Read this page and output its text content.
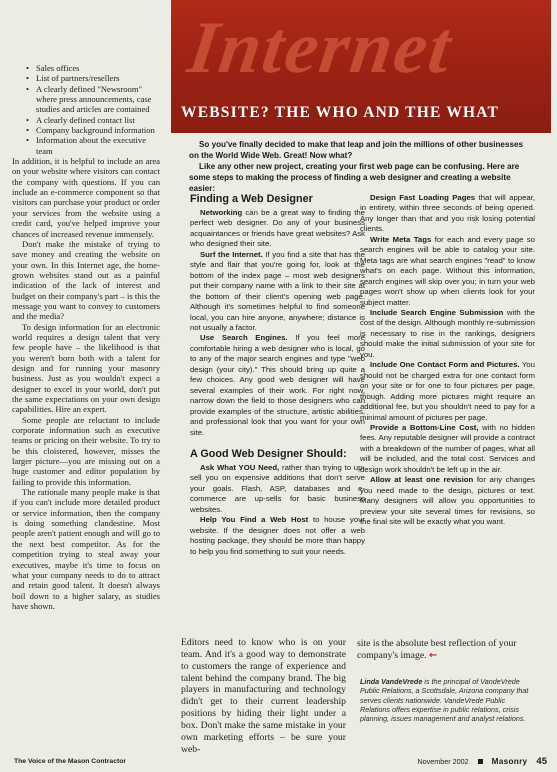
• Sales offices
• List of partners/resellers
• A clearly defined "Newsroom" where press announcements, case studies and articles are contained
• A clearly defined contact list
• Company background information
• Information about the executive team

In addition, it is helpful to include an area on your website where visitors can contact the company with questions. If you can include an e-commerce component so that visitors can purchase your product or order your services from the website using a credit card, you've helped improve your chances of increased revenue immensely.

Don't make the mistake of trying to save money and creating the website on your own. In this Internet age, the home-grown websites stand out as a painful indication of the lack of interest and budget on their company's part – is this the message you want to convey to customers and the media?

To design information for an electronic world requires a design talent that very few people have – the likelihood is that you weren't born both with a talent for design and for running your masonry business. Just as you wouldn't expect a designer to excel in your world, don't put the same expectations on your own design capabilities. Hire an expert.

Some people are reluctant to include corporate information such as executive teams or pricing on their website. To try to be this cloistered, however, misses the larger picture—you are missing out on a huge customer and editor population by failing to provide this information.

The rationale many people make is that if you can't include more detailed product or service information, then the company is doing something clandestine. Most people aren't patient enough and will go to the next best competitor. As for the competition trying to steal away your executives, maybe it's time to focus on what your company needs to do to attract and retain good talent. It doesn't always boil down to a higher salary, as studies have shown.

Internet
WEBSITE? THE WHO AND THE WHAT

So you've finally decided to make that leap and join the millions of other businesses on the World Wide Web. Great! Now what?

Like any other new project, creating your first web page can be confusing. Here are some steps to making the process of finding a web designer and creating a website easier:

Finding a Web Designer

Networking can be a great way to finding the perfect web designer. Do any of your business acquaintances or friends have great websites? Ask who designed their site.

Surf the Internet. If you find a site that has the style and flair that you're going for, look at the bottom of the index page – most web designers put their company name with a link to their site at the bottom of their client's opening web page. Although it's sometimes helpful to find someone local, you can hire anyone, anywhere; distance is not usually a factor.

Use Search Engines. If you feel more comfortable hiring a web designer who is local, go to any of the major search engines and type "web design (your city)." This should bring up quite a few choices. Any good web designer will have several examples of their work. For right now, narrow down the field to those designers who can provide examples of the structure, artistic abilities, and professional look that you want for your own site.

A Good Web Designer Should:

Ask What YOU Need, rather than trying to up-sell you on expensive additions that don't serve your goals. Flash, ASP, databases and e-commerce are up-sells for basic business websites.

Help You Find a Web Host to house your website. If the designer does not offer a web hosting package, they should be more than happy to help you find something to suit your needs.

Design Fast Loading Pages that will appear, in entirety, within three seconds of being opened. Any longer than that and you risk losing potential clients.

Write Meta Tags for each and every page so search engines will be able to catalog your site. Meta tags are what search engines "read" to know what's on each page. Without this information, search engines will skip over you; in turn your web pages won't show up when clients look for your subject matter.

Include Search Engine Submission with the cost of the design. Although monthly re-submission is necessary to rise in the rankings, designers should make the initial submission of your site for you.

Include One Contact Form and Pictures. You should not be charged extra for one contact form on your site or for one to four pictures per page, though. Adding more pictures might require an additional fee, but you shouldn't need to pay for a minimal amount of pictures per page.

Provide a Bottom-Line Cost, with no hidden fees. Any reputable designer will provide a contract with a breakdown of the number of pages, what all will be included, and the total cost. Services and design work shouldn't be left up in the air.

Allow at least one revision for any changes you need made to the design, pictures or text. Many designers will allow you opportunities to preview your site several times for revisions, so the final site will be exactly what you want.

Editors need to know who is on your team. And it's a good way to demonstrate to customers the range of experience and talent behind the company brand. The big players in manufacturing and technology didn't get to their current leadership positions by hiding their light under a box. Don't make the same mistake in your own marketing efforts – be sure your web-
site is the absolute best reflection of your company's image. ←
Linda VandeVrede is the principal of VandeVrede Public Relations, a Scottsdale, Arizona company that serves clients nationwide. VandeVrede Public Relations offers expertise in public relations, crisis planning, issues management and analyst relations.
The Voice of the Mason Contractor	November 2002	Masonry 45
